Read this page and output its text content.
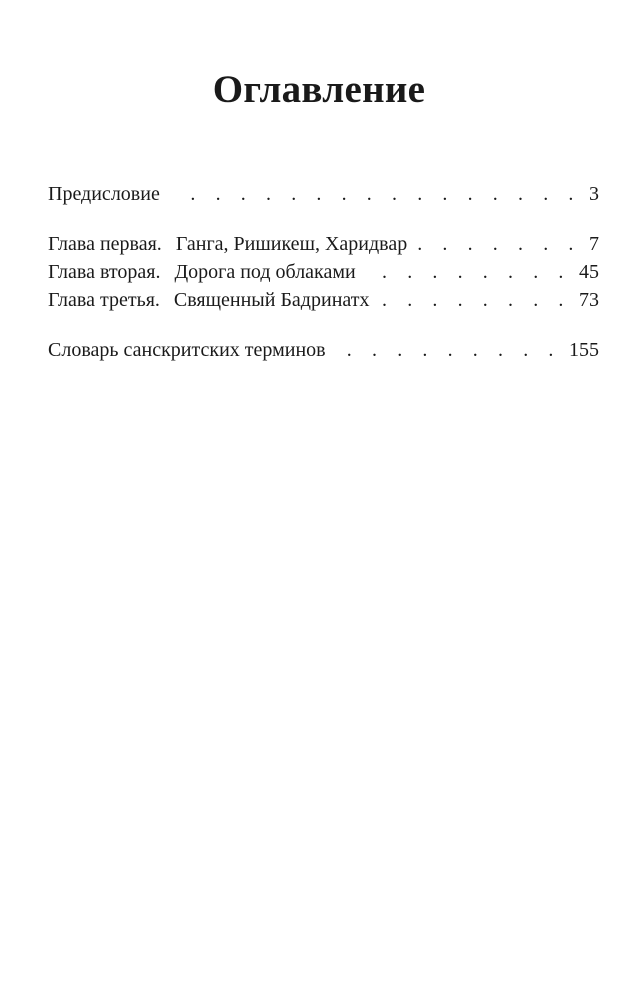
Оглавление
Предисловие . . .	3
Глава первая. Ганга, Ришикеш, Харидвар . . .	7
Глава вторая. Дорога под облаками . . .	45
Глава третья. Священный Бадринатх . . .	73
Словарь санскритских терминов . . .	155
